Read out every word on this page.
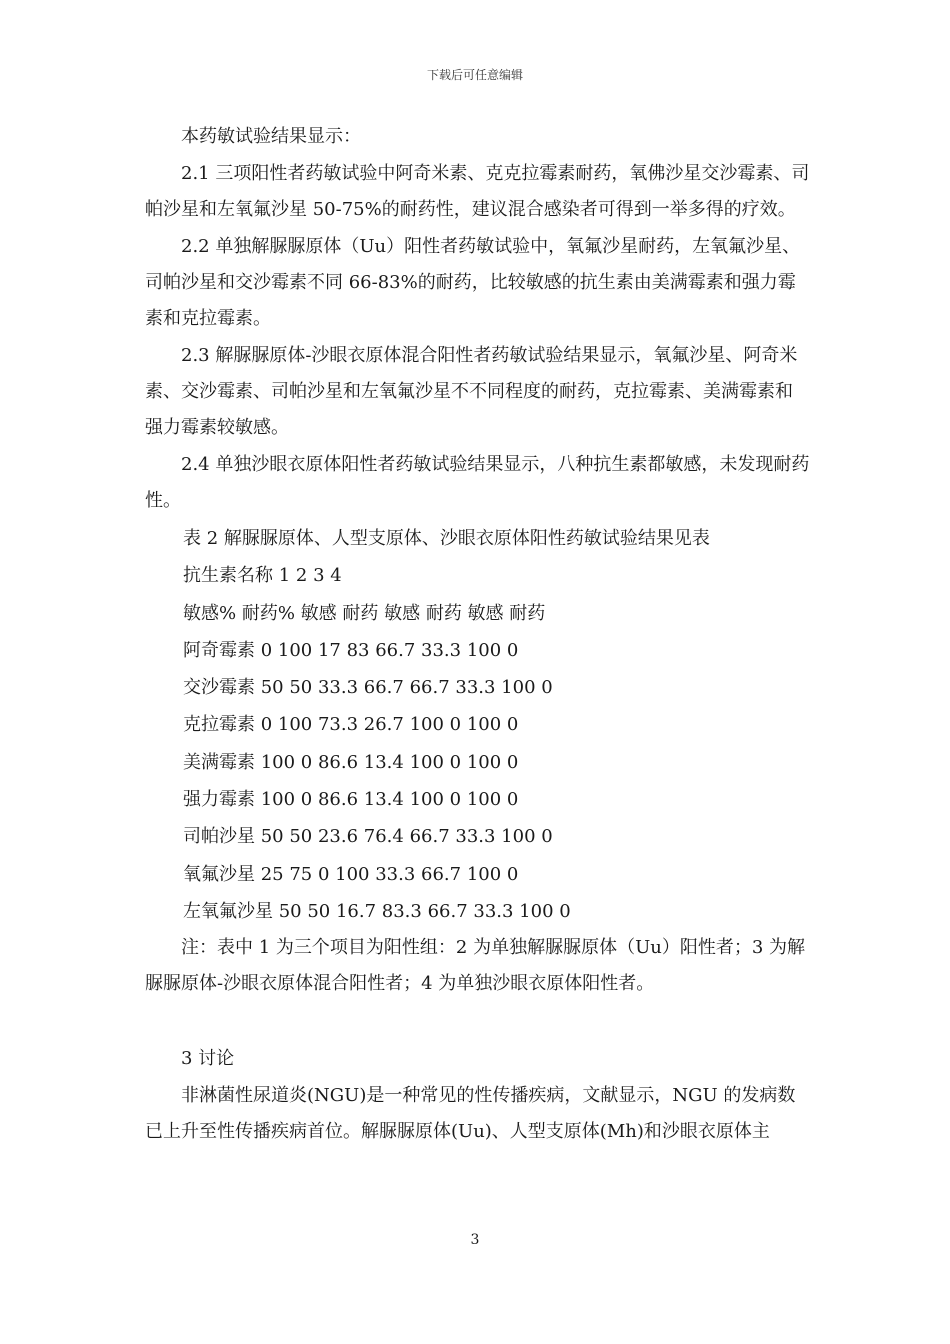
下载后可任意编辑

本药敏试验结果显示：

2.1 三项阳性者药敏试验中阿奇米素、克克拉霉素耐药，氧佛沙星交沙霉素、司帕沙星和左氧氟沙星 50-75%的耐药性，建议混合感染者可得到一举多得的疗效。

2.2 单独解脲脲原体（Uu）阳性者药敏试验中，氧氟沙星耐药，左氧氟沙星、司帕沙星和交沙霉素不同 66-83%的耐药，比较敏感的抗生素由美满霉素和强力霉素和克拉霉素。

2.3 解脲脲原体-沙眼衣原体混合阳性者药敏试验结果显示，氧氟沙星、阿奇米素、交沙霉素、司帕沙星和左氧氟沙星不不同程度的耐药，克拉霉素、美满霉素和强力霉素较敏感。

2.4 单独沙眼衣原体阳性者药敏试验结果显示，八种抗生素都敏感，未发现耐药性。

表 2 解脲脲原体、人型支原体、沙眼衣原体阳性药敏试验结果见表
抗生素名称 1 2 3 4
敏感% 耐药% 敏感 耐药 敏感 耐药 敏感 耐药
阿奇霉素 0 100 17 83 66.7 33.3 100 0
交沙霉素 50 50 33.3 66.7 66.7 33.3 100 0
克拉霉素 0 100 73.3 26.7 100 0 100 0
美满霉素 100 0 86.6 13.4 100 0 100 0
强力霉素 100 0 86.6 13.4 100 0 100 0
司帕沙星 50 50 23.6 76.4 66.7 33.3 100 0
氧氟沙星 25 75 0 100 33.3 66.7 100 0
左氧氟沙星 50 50 16.7 83.3 66.7 33.3 100 0

注：表中 1 为三个项目为阳性组：2 为单独解脲脲原体（Uu）阳性者；3 为解脲脲原体-沙眼衣原体混合阳性者；4 为单独沙眼衣原体阳性者。

3 讨论

非淋菌性尿道炎(NGU)是一种常见的性传播疾病，文献显示，NGU 的发病数已上升至性传播疾病首位。解脲脲原体(Uu)、人型支原体(Mh)和沙眼衣原体主

3
